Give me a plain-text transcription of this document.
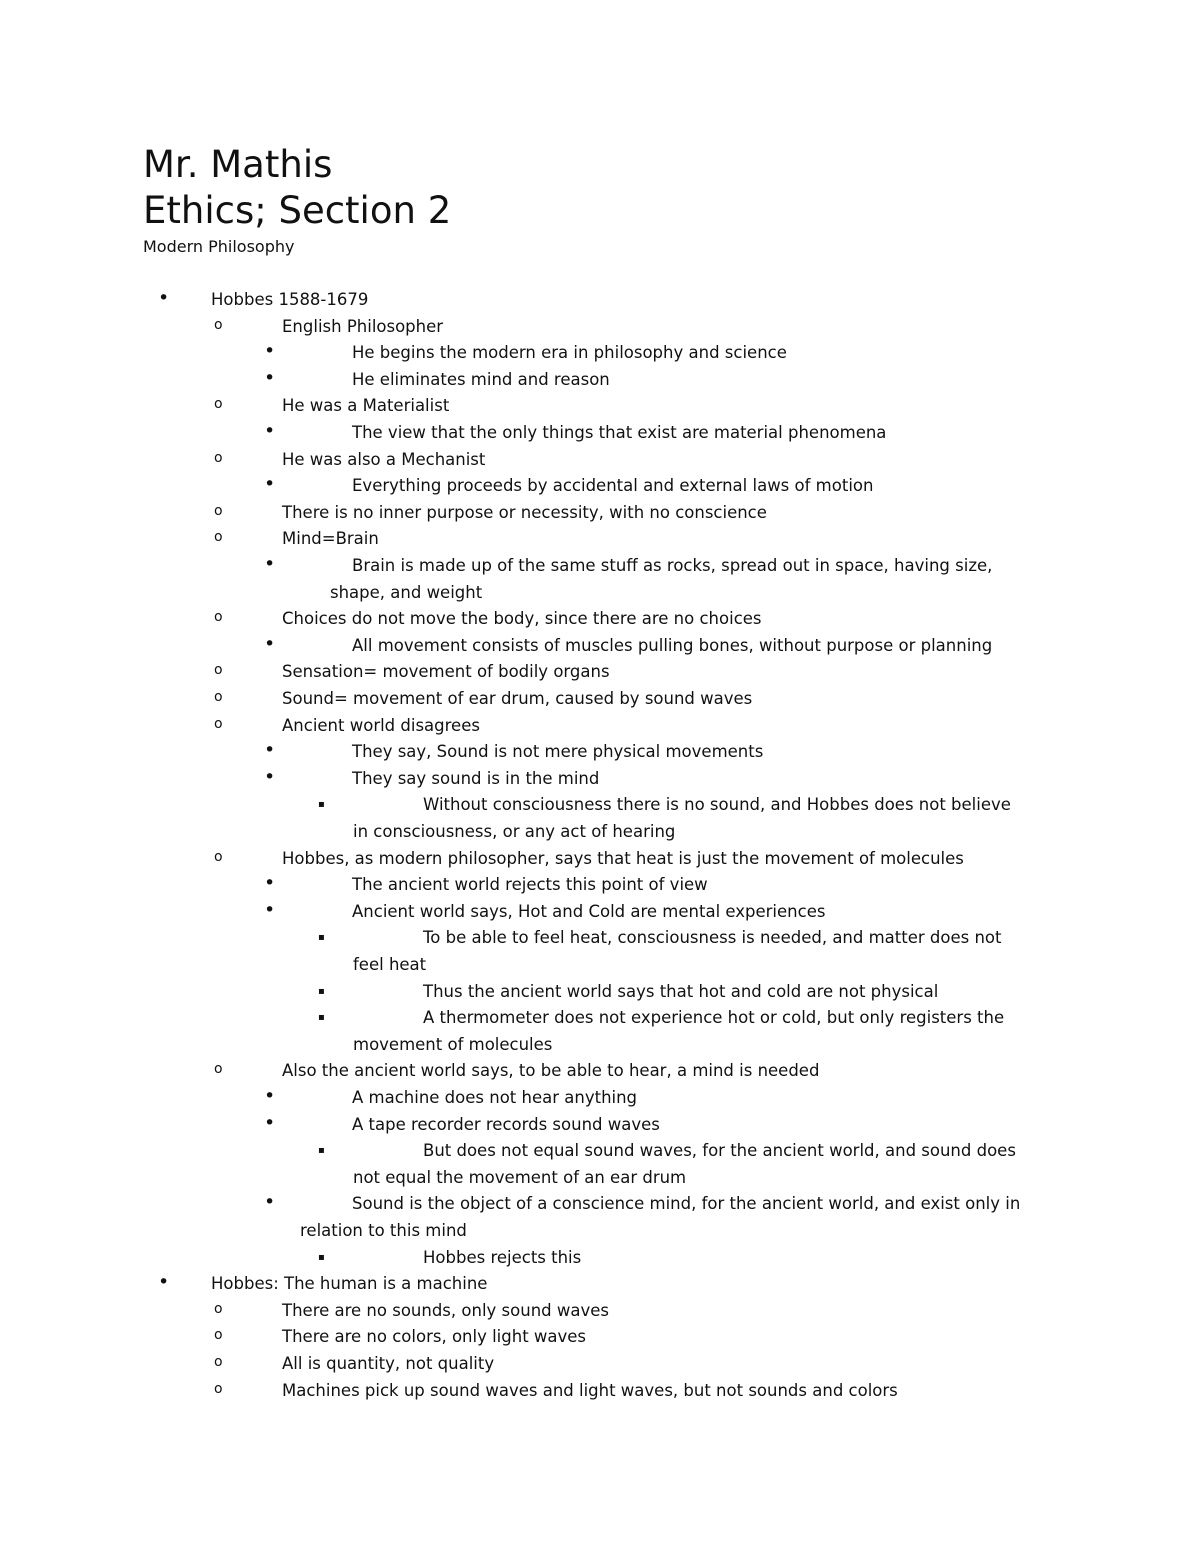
Mr. Mathis
Ethics; Section 2
Modern Philosophy
•	Hobbes 1588-1679
o	English Philosopher
•	He begins the modern era in philosophy and science
•	He eliminates mind and reason
o	He was a Materialist
•	The view that the only things that exist are material phenomena
o	He was also a Mechanist
•	Everything proceeds by accidental and external laws of motion
o	There is no inner purpose or necessity, with no conscience
o	Mind=Brain
•	Brain is made up of the same stuff as rocks, spread out in space, having size,
shape, and weight
o	Choices do not move the body, since there are no choices
•	All movement consists of muscles pulling bones, without purpose or planning
o	Sensation= movement of bodily organs
o	Sound= movement of ear drum, caused by sound waves
o	Ancient world disagrees
•	They say, Sound is not mere physical movements
•	They say sound is in the mind
▪	Without consciousness there is no sound, and Hobbes does not believe
in consciousness, or any act of hearing
o	Hobbes, as modern philosopher, says that heat is just the movement of molecules
•	The ancient world rejects this point of view
•	Ancient world says, Hot and Cold are mental experiences
▪	To be able to feel heat, consciousness is needed, and matter does not
feel heat
▪	Thus the ancient world says that hot and cold are not physical
▪	A thermometer does not experience hot or cold, but only registers the
movement of molecules
o	Also the ancient world says, to be able to hear, a mind is needed
•	A machine does not hear anything
•	A tape recorder records sound waves
▪	But does not equal sound waves, for the ancient world, and sound does
not equal the movement of an ear drum
•	Sound is the object of a conscience mind, for the ancient world, and exist only in
relation to this mind
▪	Hobbes rejects this
•	Hobbes: The human is a machine
o	There are no sounds, only sound waves
o	There are no colors, only light waves
o	All is quantity, not quality
o	Machines pick up sound waves and light waves, but not sounds and colors
